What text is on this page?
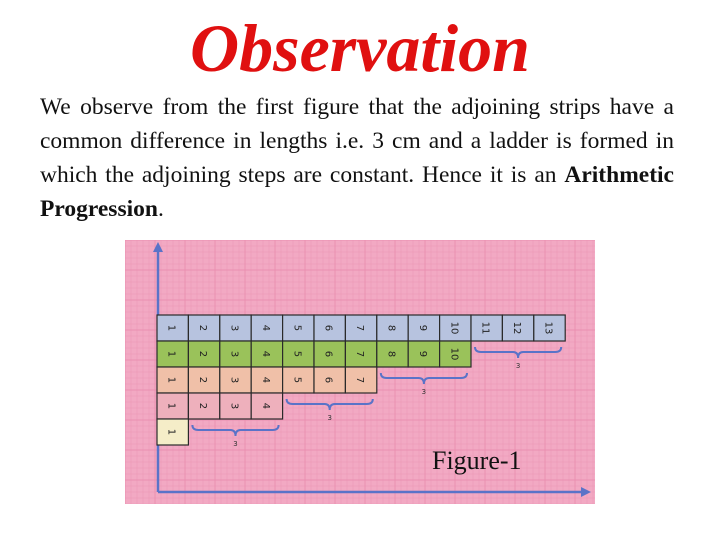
Observation
We observe from the first figure that the adjoining strips have a common difference in lengths i.e. 3 cm and a ladder is formed in which the adjoining steps are constant. Hence it is an Arithmetic Progression.
1 2 3 4 5 6 7 8 9 10 11 12 13
1 2 3 4 5 6 7 8 9 10
1 2 3 4 5 6 7
1 2 3 4
1
3
3
3
3
Figure-1
